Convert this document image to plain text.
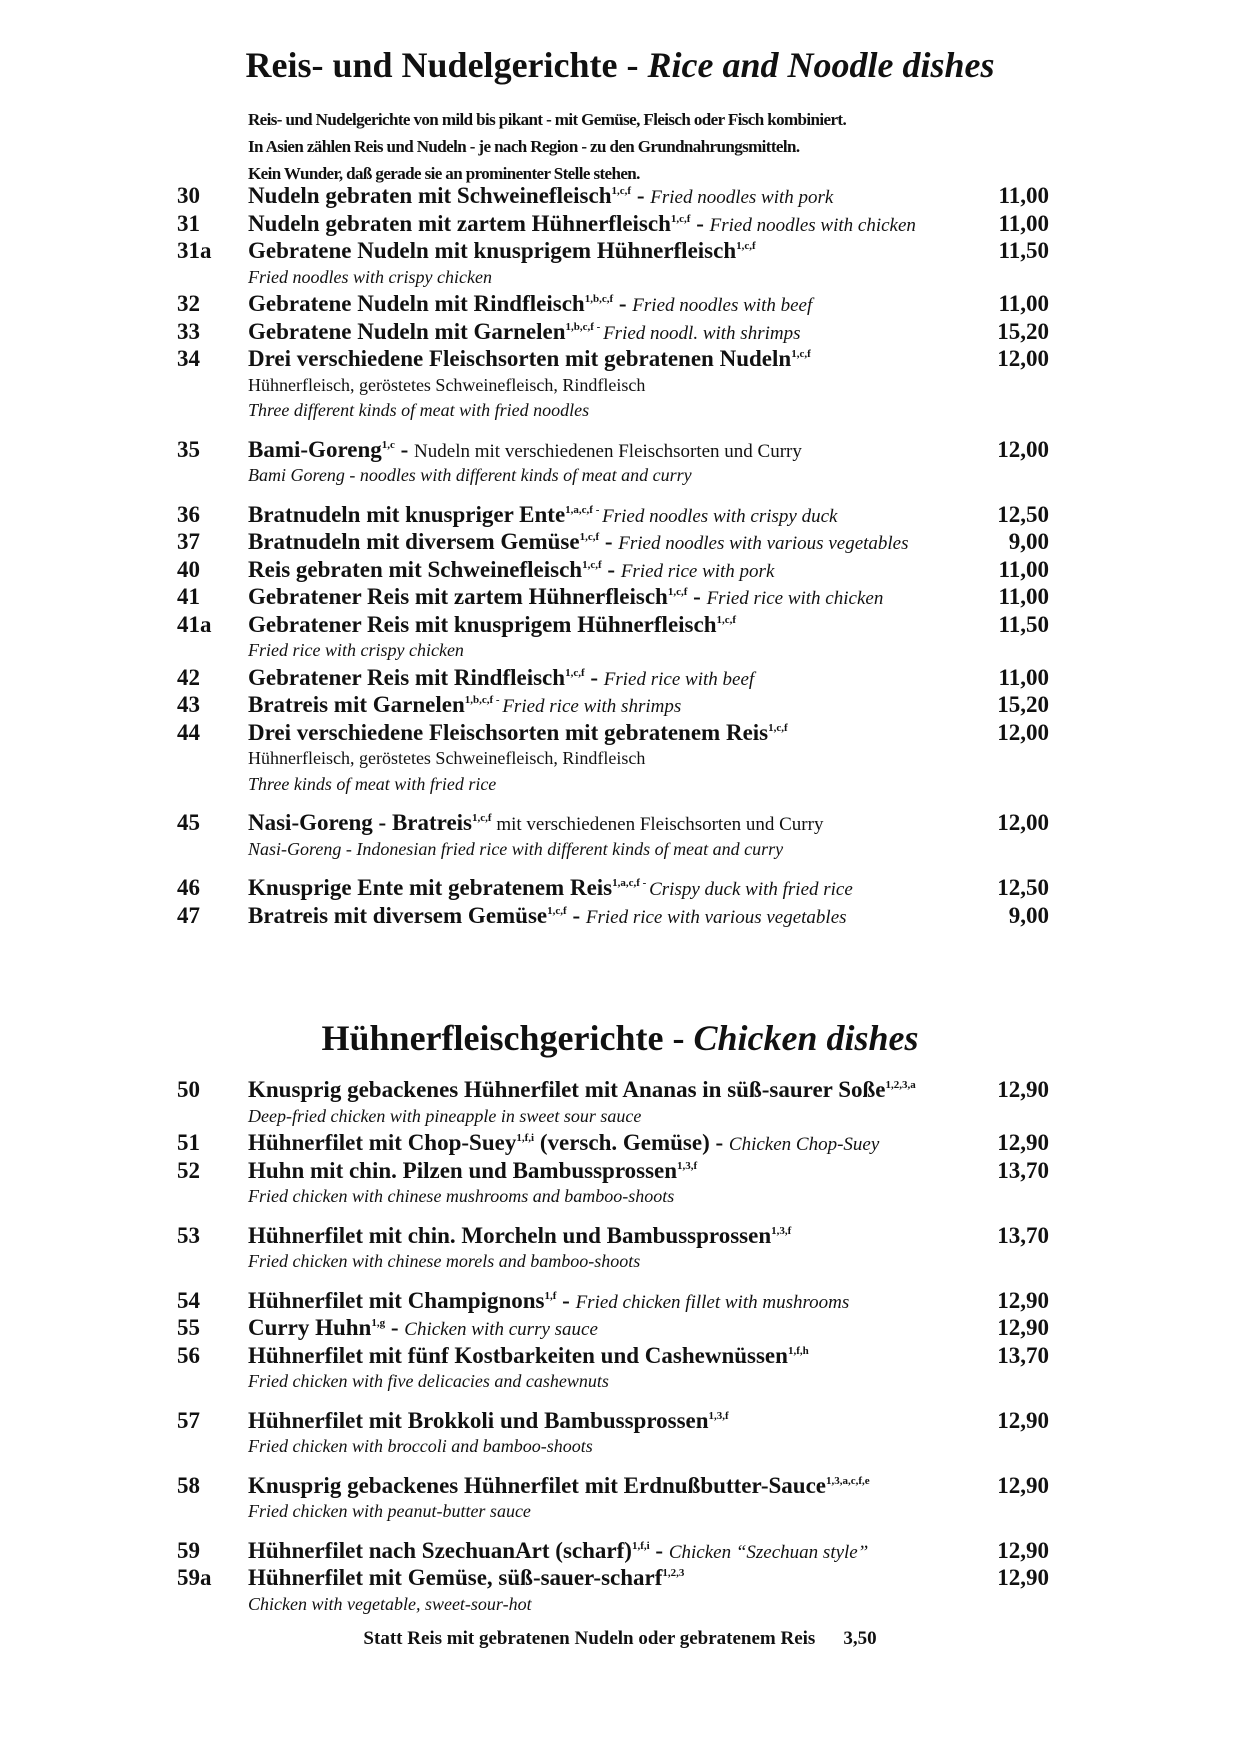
Reis- und Nudelgerichte - Rice and Noodle dishes
Reis- und Nudelgerichte von mild bis pikant - mit Gemüse, Fleisch oder Fisch kombiniert.
In Asien zählen Reis und Nudeln - je nach Region - zu den Grundnahrungsmitteln.
Kein Wunder, daß gerade sie an prominenter Stelle stehen.
30 Nudeln gebraten mit Schweinefleisch$^{1,c,f}$ - Fried noodles with pork	11,00
31 Nudeln gebraten mit zartem Hühnerfleisch$^{1,c,f}$ - Fried noodles with chicken	11,00
31a Gebratene Nudeln mit knusprigem Hühnerfleisch$^{1,c,f}$	11,50
Fried noodles with crispy chicken
32 Gebratene Nudeln mit Rindfleisch$^{1,b,c,f}$ - Fried noodles with beef	11,00
33 Gebratene Nudeln mit Garnelen$^{1,b,c,f -}$ Fried noodl. with shrimps	15,20
34 Drei verschiedene Fleischsorten mit gebratenen Nudeln$^{1,c,f}$	12,00
Hühnerfleisch, geröstetes Schweinefleisch, Rindfleisch
Three different kinds of meat with fried noodles
35 Bami-Goreng$^{1,c}$ - Nudeln mit verschiedenen Fleischsorten und Curry	12,00
Bami Goreng - noodles with different kinds of meat and curry
36 Bratnudeln mit knuspriger Ente$^{1,a,c,f -}$ Fried noodles with crispy duck	12,50
37 Bratnudeln mit diversem Gemüse$^{1,c,f}$ - Fried noodles with various vegetables	9,00
40 Reis gebraten mit Schweinefleisch$^{1,c,f}$ - Fried rice with pork	11,00
41 Gebratener Reis mit zartem Hühnerfleisch$^{1,c,f}$ - Fried rice with chicken	11,00
41a Gebratener Reis mit knusprigem Hühnerfleisch$^{1,c,f}$	11,50
Fried rice with crispy chicken
42 Gebratener Reis mit Rindfleisch$^{1,c,f}$ - Fried rice with beef	11,00
43 Bratreis mit Garnelen$^{1,b,c,f -}$ Fried rice with shrimps	15,20
44 Drei verschiedene Fleischsorten mit gebratenem Reis$^{1,c,f}$	12,00
Hühnerfleisch, geröstetes Schweinefleisch, Rindfleisch
Three kinds of meat with fried rice
45 Nasi-Goreng - Bratreis$^{1,c,f}$ mit verschiedenen Fleischsorten und Curry	12,00
Nasi-Goreng - Indonesian fried rice with different kinds of meat and curry
46 Knusprige Ente mit gebratenem Reis$^{1,a,c,f -}$ Crispy duck with fried rice	12,50
47 Bratreis mit diversem Gemüse$^{1,c,f}$ - Fried rice with various vegetables	9,00
Hühnerfleischgerichte - Chicken dishes
50 Knusprig gebackenes Hühnerfilet mit Ananas in süß-saurer Soße$^{1,2,3,a}$	12,90
Deep-fried chicken with pineapple in sweet sour sauce
51 Hühnerfilet mit Chop-Suey$^{1,f,i}$ (versch. Gemüse) - Chicken Chop-Suey	12,90
52 Huhn mit chin. Pilzen und Bambussprossen$^{1,3,f}$	13,70
Fried chicken with chinese mushrooms and bamboo-shoots
53 Hühnerfilet mit chin. Morcheln und Bambussprossen$^{1,3,f}$	13,70
Fried chicken with chinese morels and bamboo-shoots
54 Hühnerfilet mit Champignons$^{1,f}$ - Fried chicken fillet with mushrooms	12,90
55 Curry Huhn$^{1,g}$ - Chicken with curry sauce	12,90
56 Hühnerfilet mit fünf Kostbarkeiten und Cashewnüssen$^{1,f,h}$	13,70
Fried chicken with five delicacies and cashewnuts
57 Hühnerfilet mit Brokkoli und Bambussprossen$^{1,3,f}$	12,90
Fried chicken with broccoli and bamboo-shoots
58 Knusprig gebackenes Hühnerfilet mit Erdnußbutter-Sauce$^{1,3,a,c,f,e}$	12,90
Fried chicken with peanut-butter sauce
59 Hühnerfilet nach SzechuanArt (scharf)$^{1,f,i}$ - Chicken “Szechuan style”	12,90
59a Hühnerfilet mit Gemüse, süß-sauer-scharf$^{1,2,3}$	12,90
Chicken with vegetable, sweet-sour-hot
Statt Reis mit gebratenen Nudeln oder gebratenem Reis 3,50
